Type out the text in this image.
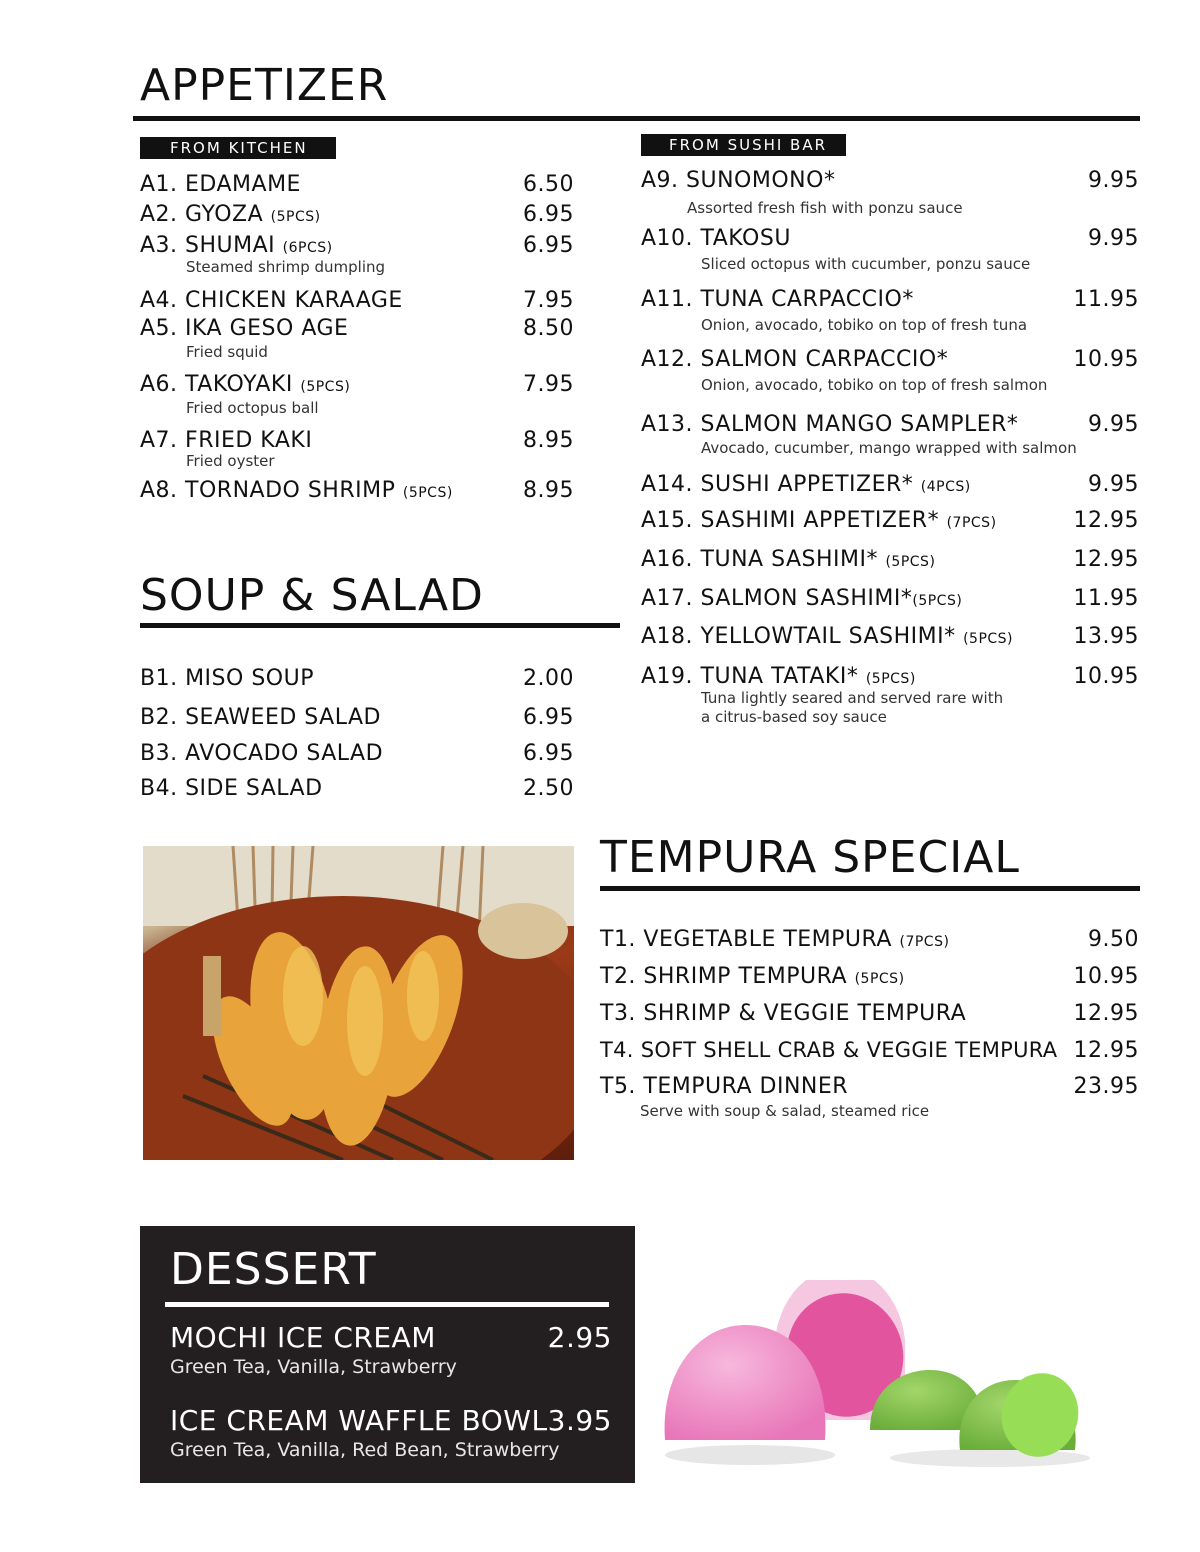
APPETIZER
FROM KITCHEN	FROM SUSHI BAR
A1. EDAMAME	6.50
A2. GYOZA (5PCS)	6.95
A3. SHUMAI (6PCS)	6.95
Steamed shrimp dumpling
A4. CHICKEN KARAAGE	7.95
A5. IKA GESO AGE	8.50
Fried squid
A6. TAKOYAKI (5PCS)	7.95
Fried octopus ball
A7. FRIED KAKI	8.95
Fried oyster
A8. TORNADO SHRIMP (5PCS)	8.95
A9. SUNOMONO*	9.95
Assorted fresh fish with ponzu sauce
A10. TAKOSU	9.95
Sliced octopus with cucumber, ponzu sauce
A11. TUNA CARPACCIO*	11.95
Onion, avocado, tobiko on top of fresh tuna
A12. SALMON CARPACCIO*	10.95
Onion, avocado, tobiko on top of fresh salmon
A13. SALMON MANGO SAMPLER*	9.95
Avocado, cucumber, mango wrapped with salmon
A14. SUSHI APPETIZER* (4PCS)	9.95
A15. SASHIMI APPETIZER* (7PCS)	12.95
A16. TUNA SASHIMI* (5PCS)	12.95
A17. SALMON SASHIMI*(5PCS)	11.95
A18. YELLOWTAIL SASHIMI* (5PCS)	13.95
A19. TUNA TATAKI* (5PCS)	10.95
Tuna lightly seared and served rare with
a citrus-based soy sauce
SOUP & SALAD
B1. MISO SOUP	2.00
B2. SEAWEED SALAD	6.95
B3. AVOCADO SALAD	6.95
B4. SIDE SALAD	2.50
TEMPURA SPECIAL
T1. VEGETABLE TEMPURA (7PCS)	9.50
T2. SHRIMP TEMPURA (5PCS)	10.95
T3. SHRIMP & VEGGIE TEMPURA	12.95
T4. SOFT SHELL CRAB & VEGGIE TEMPURA 12.95
T5. TEMPURA DINNER	23.95
Serve with soup & salad, steamed rice
DESSERT
MOCHI ICE CREAM	2.95
Green Tea, Vanilla, Strawberry
ICE CREAM WAFFLE BOWL 3.95
Green Tea, Vanilla, Red Bean, Strawberry
